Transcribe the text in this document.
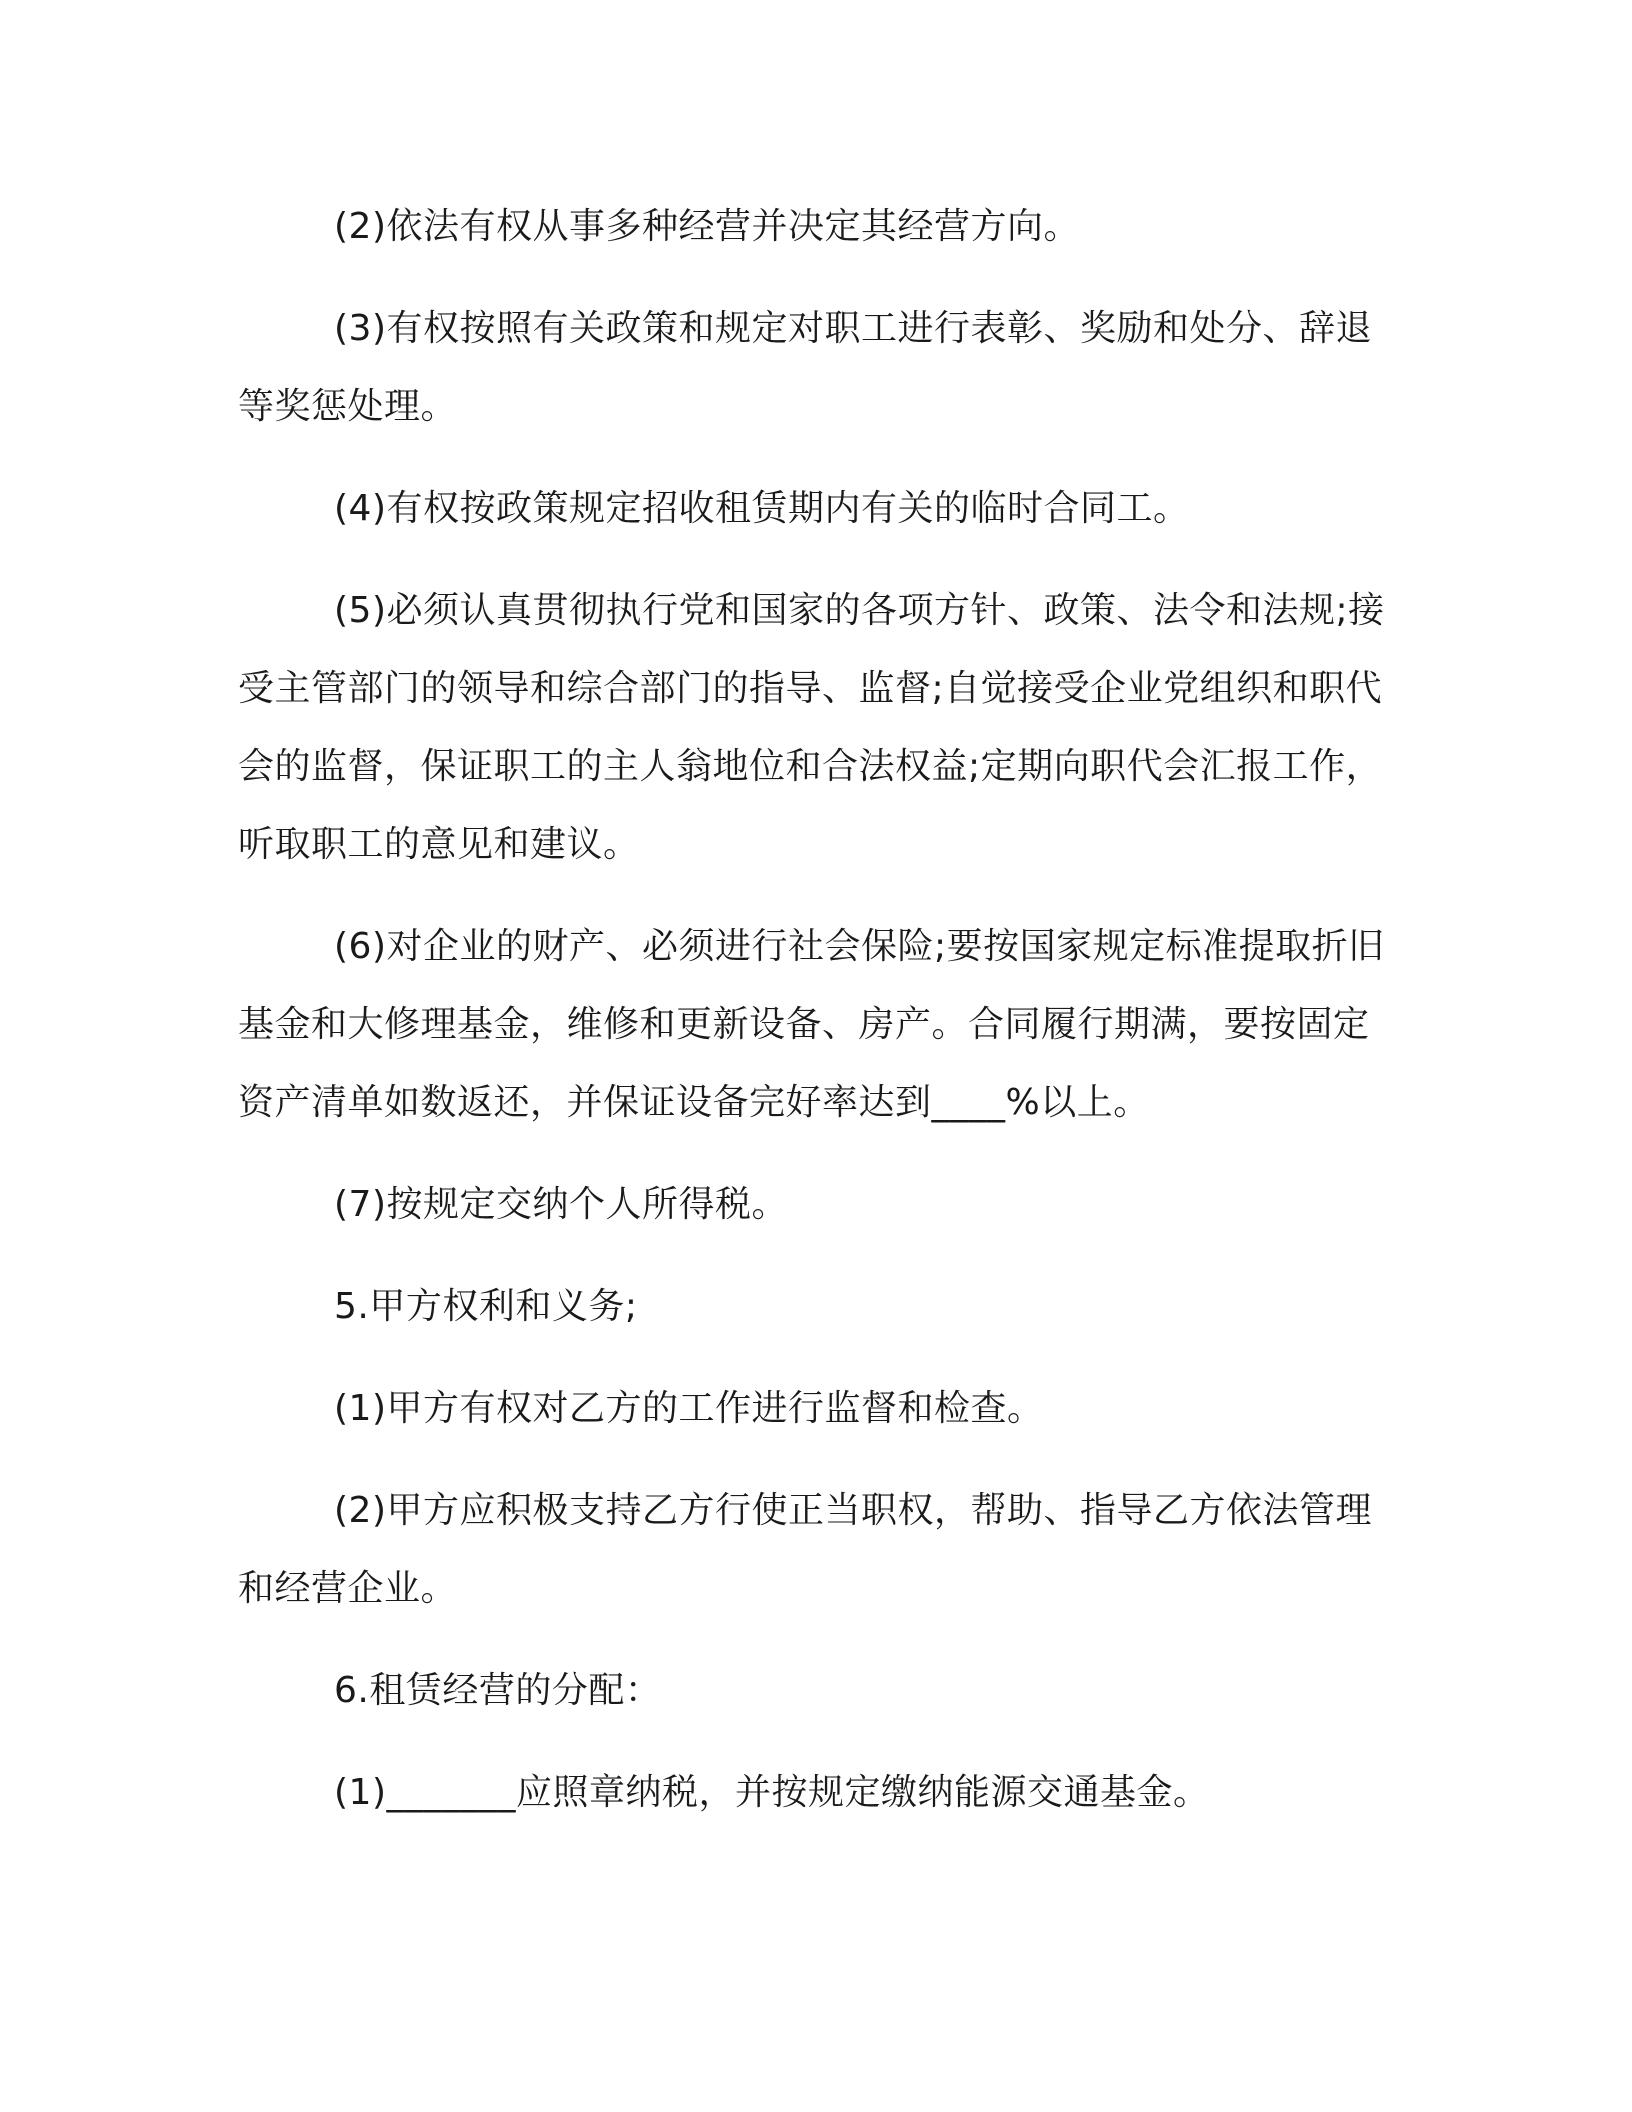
(2)依法有权从事多种经营并决定其经营方向。

(3)有权按照有关政策和规定对职工进行表彰、奖励和处分、辞退等奖惩处理。

(4)有权按政策规定招收租赁期内有关的临时合同工。

(5)必须认真贯彻执行党和国家的各项方针、政策、法令和法规;接受主管部门的领导和综合部门的指导、监督;自觉接受企业党组织和职代会的监督，保证职工的主人翁地位和合法权益;定期向职代会汇报工作，听取职工的意见和建议。

(6)对企业的财产、必须进行社会保险;要按国家规定标准提取折旧基金和大修理基金，维修和更新设备、房产。合同履行期满，要按固定资产清单如数返还，并保证设备完好率达到____%以上。

(7)按规定交纳个人所得税。

5.甲方权利和义务;

(1)甲方有权对乙方的工作进行监督和检查。

(2)甲方应积极支持乙方行使正当职权，帮助、指导乙方依法管理和经营企业。

6.租赁经营的分配：

(1)_______应照章纳税，并按规定缴纳能源交通基金。
